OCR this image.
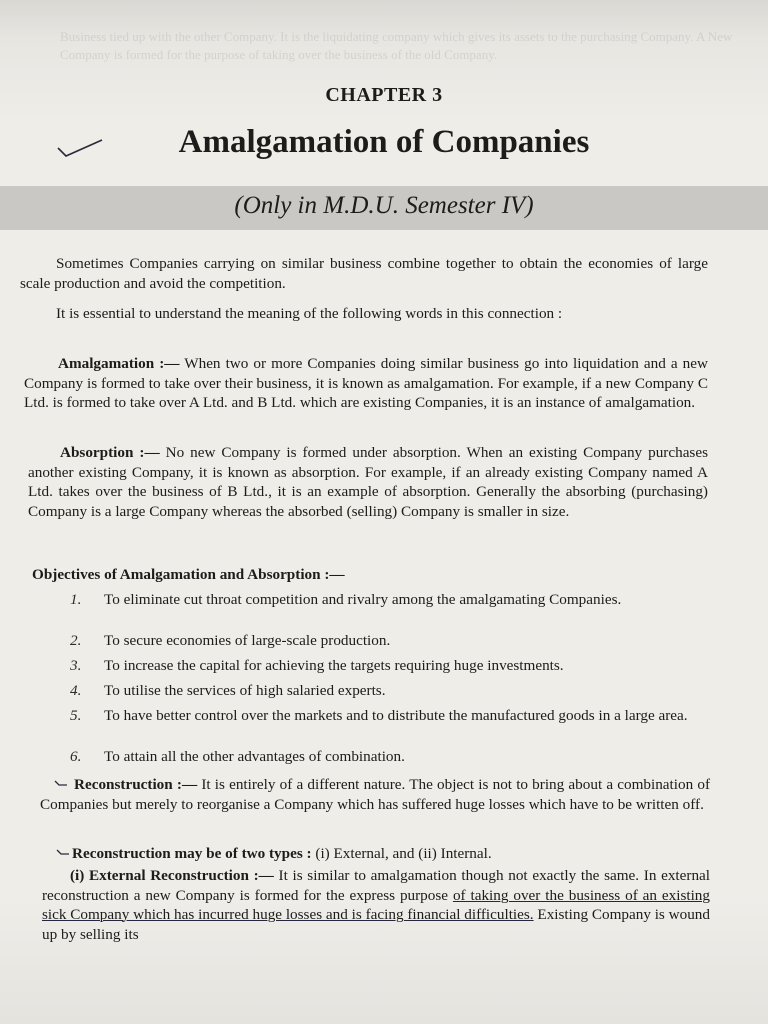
Business tied up with the other Company. It is the liquidating company which gives its assets to the purchasing Company. A New Company is formed for the purpose of taking over the business of the old Company.
CHAPTER 3
Amalgamation of Companies
(Only in M.D.U. Semester IV)

Sometimes Companies carrying on similar business combine together to obtain the economies of large scale production and avoid the competition.

It is essential to understand the meaning of the following words in this connection :

Amalgamation :— When two or more Companies doing similar business go into liquidation and a new Company is formed to take over their business, it is known as amalgamation. For example, if a new Company C Ltd. is formed to take over A Ltd. and B Ltd. which are existing Companies, it is an instance of amalgamation.

Absorption :— No new Company is formed under absorption. When an existing Company purchases another existing Company, it is known as absorption. For example, if an already existing Company named A Ltd. takes over the business of B Ltd., it is an example of absorption. Generally the absorbing (purchasing) Company is a large Company whereas the absorbed (selling) Company is smaller in size.

Objectives of Amalgamation and Absorption :—
1.	To eliminate cut throat competition and rivalry among the amalgamating Companies.
2.	To secure economies of large-scale production.
3.	To increase the capital for achieving the targets requiring huge investments.
4.	To utilise the services of high salaried experts.
5.	To have better control over the markets and to distribute the manufactured goods in a large area.
6.	To attain all the other advantages of combination.

Reconstruction :— It is entirely of a different nature. The object is not to bring about a combination of Companies but merely to reorganise a Company which has suffered huge losses which have to be written off.

Reconstruction may be of two types : (i) External, and (ii) Internal.

(i) External Reconstruction :— It is similar to amalgamation though not exactly the same. In external reconstruction a new Company is formed for the express purpose of taking over the business of an existing sick Company which has incurred huge losses and is facing financial difficulties. Existing Company is wound up by selling its
